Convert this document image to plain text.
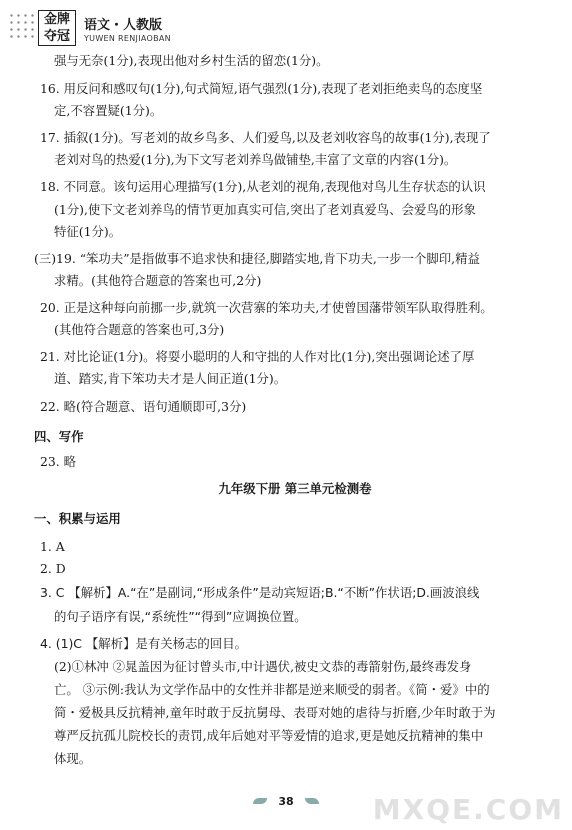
金牌
夺冠
语文・人教版
YUWEN RENJIAOBAN
强与无奈(1分),表现出他对乡村生活的留恋(1分)。
16. 用反问和感叹句(1分),句式简短,语气强烈(1分),表现了老刘拒绝卖鸟的态度坚
定,不容置疑(1分)。
17. 插叙(1分)。写老刘的故乡鸟多、人们爱鸟,以及老刘收容鸟的故事(1分),表现了
老刘对鸟的热爱(1分),为下文写老刘养鸟做铺垫,丰富了文章的内容(1分)。
18. 不同意。该句运用心理描写(1分),从老刘的视角,表现他对鸟儿生存状态的认识
(1分),使下文老刘养鸟的情节更加真实可信,突出了老刘真爱鸟、会爱鸟的形象
特征(1分)。
(三)19. “笨功夫”是指做事不追求快和捷径,脚踏实地,肯下功夫,一步一个脚印,精益
求精。(其他符合题意的答案也可,2分)
20. 正是这种每向前挪一步,就筑一次营寨的笨功夫,才使曾国藩带领军队取得胜利。
(其他符合题意的答案也可,3分)
21. 对比论证(1分)。将耍小聪明的人和守拙的人作对比(1分),突出强调论述了厚
道、踏实,肯下笨功夫才是人间正道(1分)。
22. 略(符合题意、语句通顺即可,3分)
四、写作
23. 略
九年级下册 第三单元检测卷
一、积累与运用
1. A
2. D
3. C 【解析】A.“在”是副词,“形成条件”是动宾短语;B.“不断”作状语;D.画波浪线
的句子语序有误,“系统性”“得到”应调换位置。
4. (1)C 【解析】是有关杨志的回目。
(2)①林冲 ②晁盖因为征讨曾头市,中计遇伏,被史文恭的毒箭射伤,最终毒发身
亡。 ③示例:我认为文学作品中的女性并非都是逆来顺受的弱者。《简・爱》中的
简・爱极具反抗精神,童年时敢于反抗舅母、表哥对她的虐待与折磨,少年时敢于为
尊严反抗孤儿院校长的责罚,成年后她对平等爱情的追求,更是她反抗精神的集中
体现。
38	MXQE.COM
